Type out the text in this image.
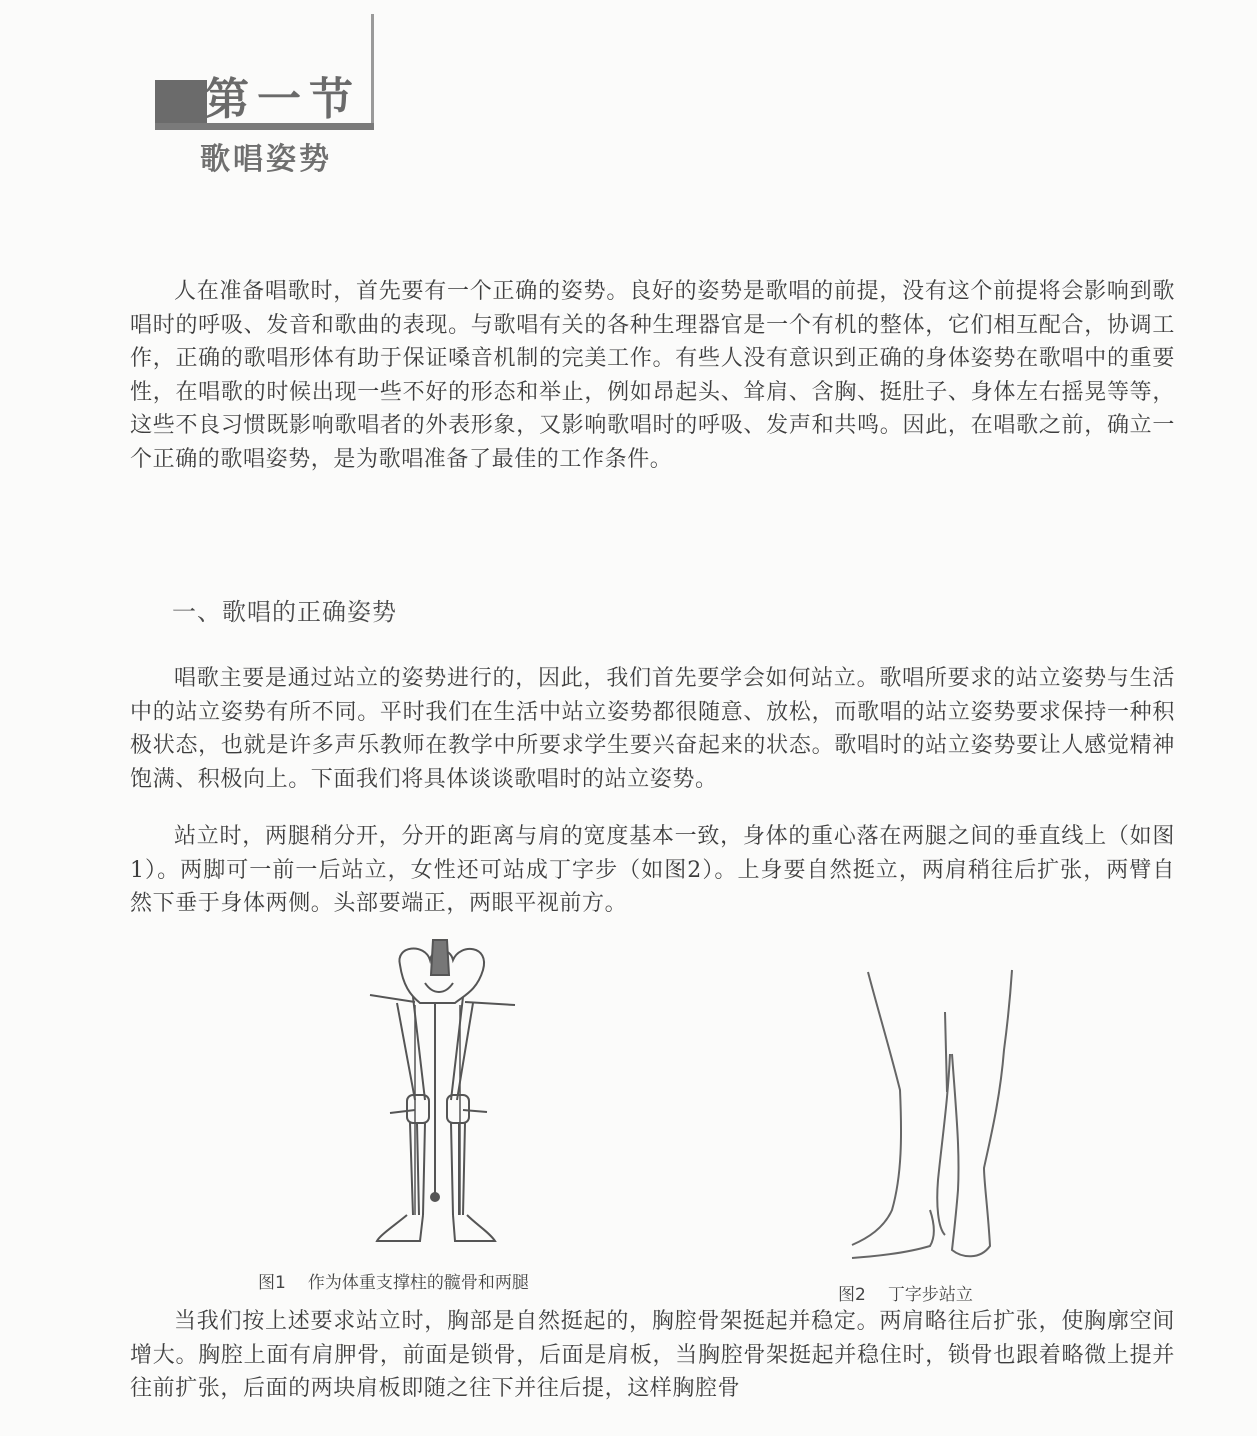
第一节
歌唱姿势

人在准备唱歌时，首先要有一个正确的姿势。良好的姿势是歌唱的前提，没有这个前提将会影响到歌唱时的呼吸、发音和歌曲的表现。与歌唱有关的各种生理器官是一个有机的整体，它们相互配合，协调工作，正确的歌唱形体有助于保证嗓音机制的完美工作。有些人没有意识到正确的身体姿势在歌唱中的重要性，在唱歌的时候出现一些不好的形态和举止，例如昂起头、耸肩、含胸、挺肚子、身体左右摇晃等等，这些不良习惯既影响歌唱者的外表形象，又影响歌唱时的呼吸、发声和共鸣。因此，在唱歌之前，确立一个正确的歌唱姿势，是为歌唱准备了最佳的工作条件。

一、歌唱的正确姿势

唱歌主要是通过站立的姿势进行的，因此，我们首先要学会如何站立。歌唱所要求的站立姿势与生活中的站立姿势有所不同。平时我们在生活中站立姿势都很随意、放松，而歌唱的站立姿势要求保持一种积极状态，也就是许多声乐教师在教学中所要求学生要兴奋起来的状态。歌唱时的站立姿势要让人感觉精神饱满、积极向上。下面我们将具体谈谈歌唱时的站立姿势。

站立时，两腿稍分开，分开的距离与肩的宽度基本一致，身体的重心落在两腿之间的垂直线上（如图1）。两脚可一前一后站立，女性还可站成丁字步（如图2）。上身要自然挺立，两肩稍往后扩张，两臂自然下垂于身体两侧。头部要端正，两眼平视前方。

图1 作为体重支撑柱的髋骨和两腿
图2 丁字步站立

当我们按上述要求站立时，胸部是自然挺起的，胸腔骨架挺起并稳定。两肩略往后扩张，使胸廓空间增大。胸腔上面有肩胛骨，前面是锁骨，后面是肩板，当胸腔骨架挺起并稳住时，锁骨也跟着略微上提并往前扩张，后面的两块肩板即随之往下并往后提，这样胸腔骨
